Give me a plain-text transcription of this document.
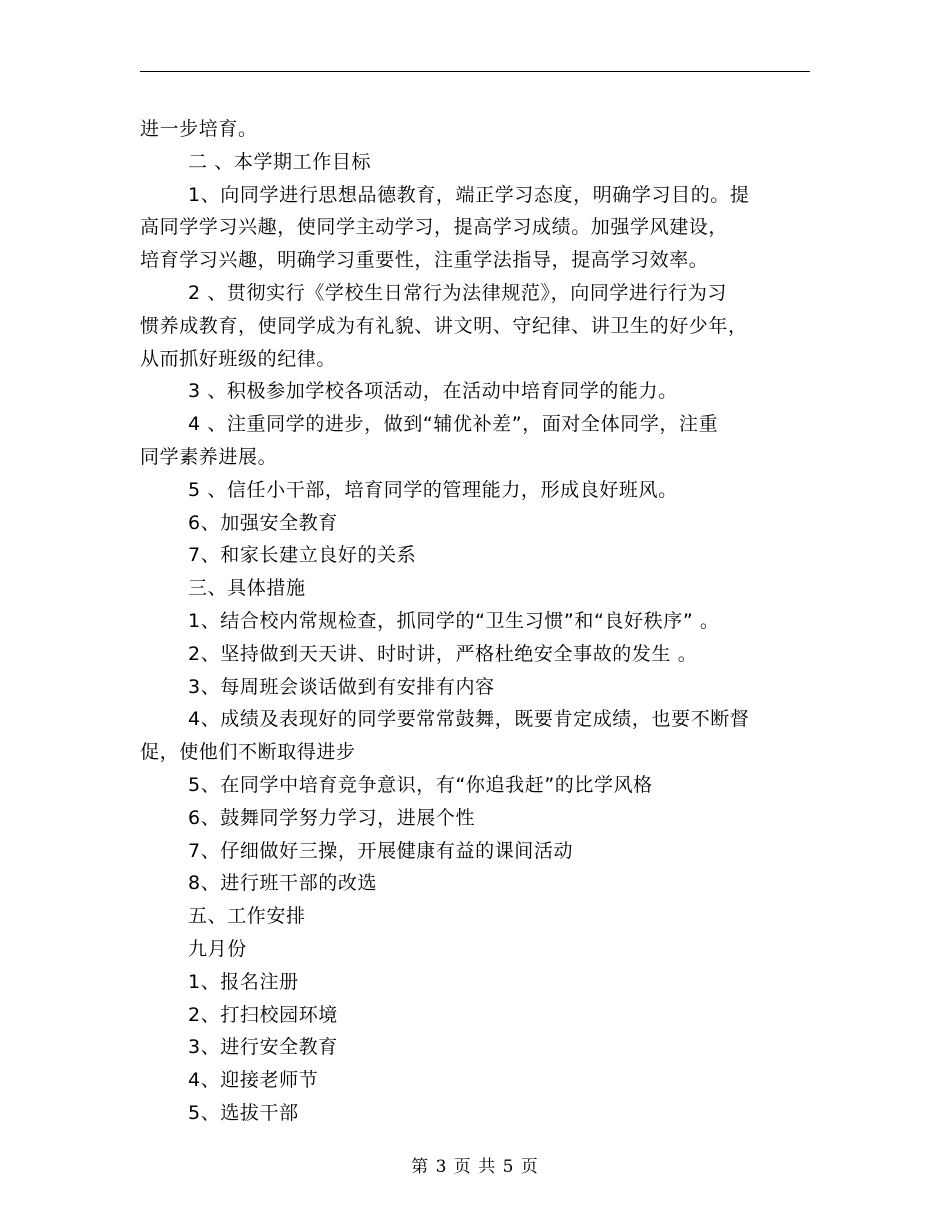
进一步培育。
二 、本学期工作目标
1、向同学进行思想品德教育，端正学习态度，明确学习目的。提
高同学学习兴趣，使同学主动学习，提高学习成绩。加强学风建设，
培育学习兴趣，明确学习重要性，注重学法指导，提高学习效率。
2 、贯彻实行《学校生日常行为法律规范》，向同学进行行为习
惯养成教育，使同学成为有礼貌、讲文明、守纪律、讲卫生的好少年，
从而抓好班级的纪律。
3 、积极参加学校各项活动，在活动中培育同学的能力。
4 、注重同学的进步，做到“辅优补差”，面对全体同学，注重
同学素养进展。
5 、信任小干部，培育同学的管理能力，形成良好班风。
6、加强安全教育
7、和家长建立良好的关系
三、具体措施
1、结合校内常规检查，抓同学的“卫生习惯”和“良好秩序” 。
2、坚持做到天天讲、时时讲，严格杜绝安全事故的发生 。
3、每周班会谈话做到有安排有内容
4、成绩及表现好的同学要常常鼓舞，既要肯定成绩，也要不断督
促，使他们不断取得进步
5、在同学中培育竞争意识，有“你追我赶”的比学风格
6、鼓舞同学努力学习，进展个性
7、仔细做好三操，开展健康有益的课间活动
8、进行班干部的改选
五、工作安排
九月份
1、报名注册
2、打扫校园环境
3、进行安全教育
4、迎接老师节
5、选拔干部
第 3 页 共 5 页
